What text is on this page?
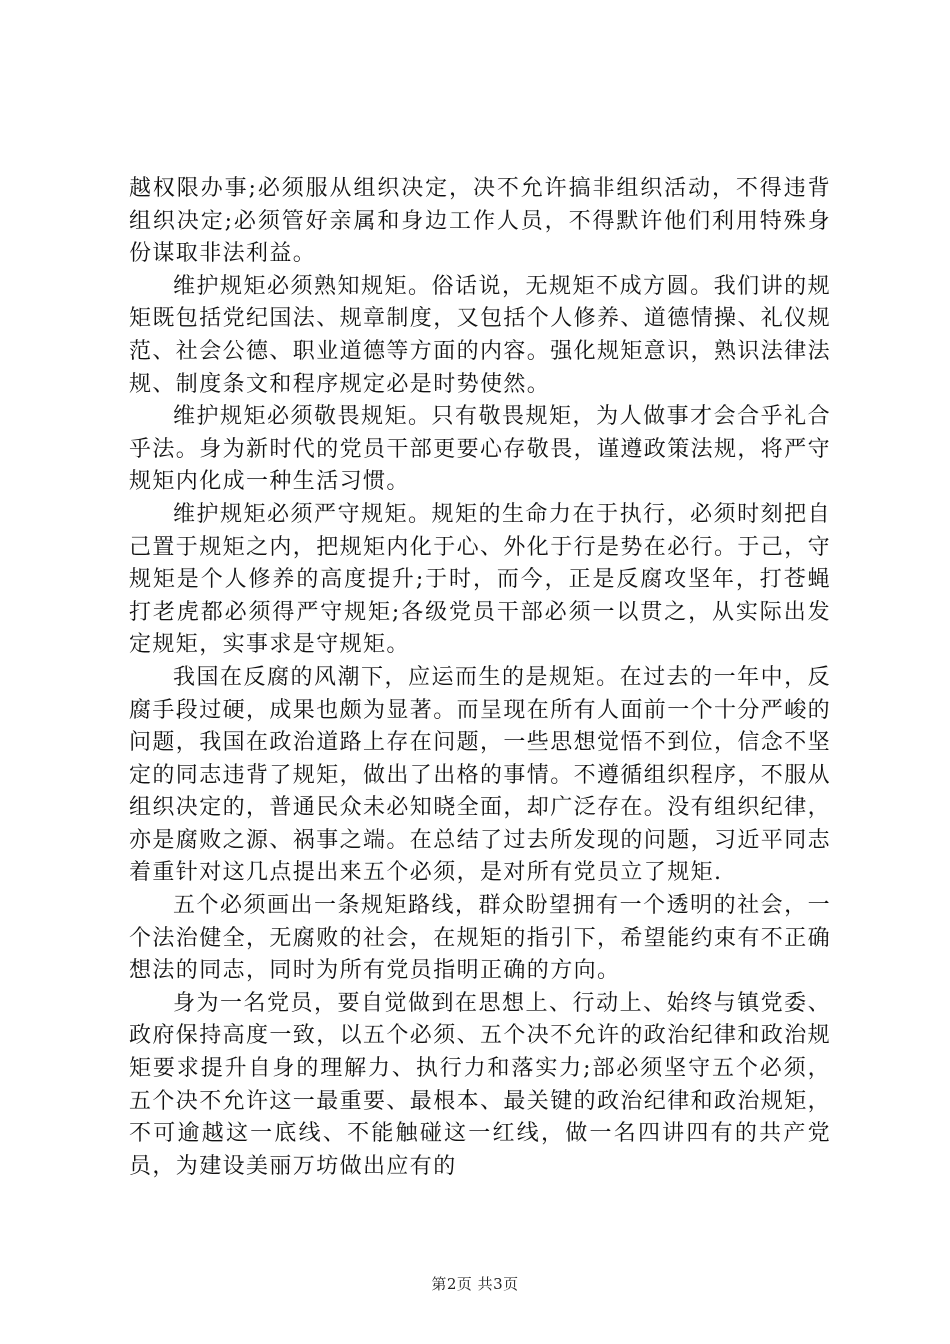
越权限办事;必须服从组织决定，决不允许搞非组织活动，不得违背组织决定;必须管好亲属和身边工作人员，不得默许他们利用特殊身份谋取非法利益。

维护规矩必须熟知规矩。俗话说，无规矩不成方圆。我们讲的规矩既包括党纪国法、规章制度，又包括个人修养、道德情操、礼仪规范、社会公德、职业道德等方面的内容。强化规矩意识，熟识法律法规、制度条文和程序规定必是时势使然。

维护规矩必须敬畏规矩。只有敬畏规矩，为人做事才会合乎礼合乎法。身为新时代的党员干部更要心存敬畏，谨遵政策法规，将严守规矩内化成一种生活习惯。

维护规矩必须严守规矩。规矩的生命力在于执行，必须时刻把自己置于规矩之内，把规矩内化于心、外化于行是势在必行。于己，守规矩是个人修养的高度提升;于时，而今，正是反腐攻坚年，打苍蝇打老虎都必须得严守规矩;各级党员干部必须一以贯之，从实际出发定规矩，实事求是守规矩。

我国在反腐的风潮下，应运而生的是规矩。在过去的一年中，反腐手段过硬，成果也颇为显著。而呈现在所有人面前一个十分严峻的问题，我国在政治道路上存在问题，一些思想觉悟不到位，信念不坚定的同志违背了规矩，做出了出格的事情。不遵循组织程序，不服从组织决定的，普通民众未必知晓全面，却广泛存在。没有组织纪律，亦是腐败之源、祸事之端。在总结了过去所发现的问题，习近平同志着重针对这几点提出来五个必须，是对所有党员立了规矩.

五个必须画出一条规矩路线，群众盼望拥有一个透明的社会，一个法治健全，无腐败的社会，在规矩的指引下，希望能约束有不正确想法的同志，同时为所有党员指明正确的方向。

身为一名党员，要自觉做到在思想上、行动上、始终与镇党委、政府保持高度一致，以五个必须、五个决不允许的政治纪律和政治规矩要求提升自身的理解力、执行力和落实力;部必须坚守五个必须，五个决不允许这一最重要、最根本、最关键的政治纪律和政治规矩，不可逾越这一底线、不能触碰这一红线，做一名四讲四有的共产党员，为建设美丽万坊做出应有的

第2页 共3页
